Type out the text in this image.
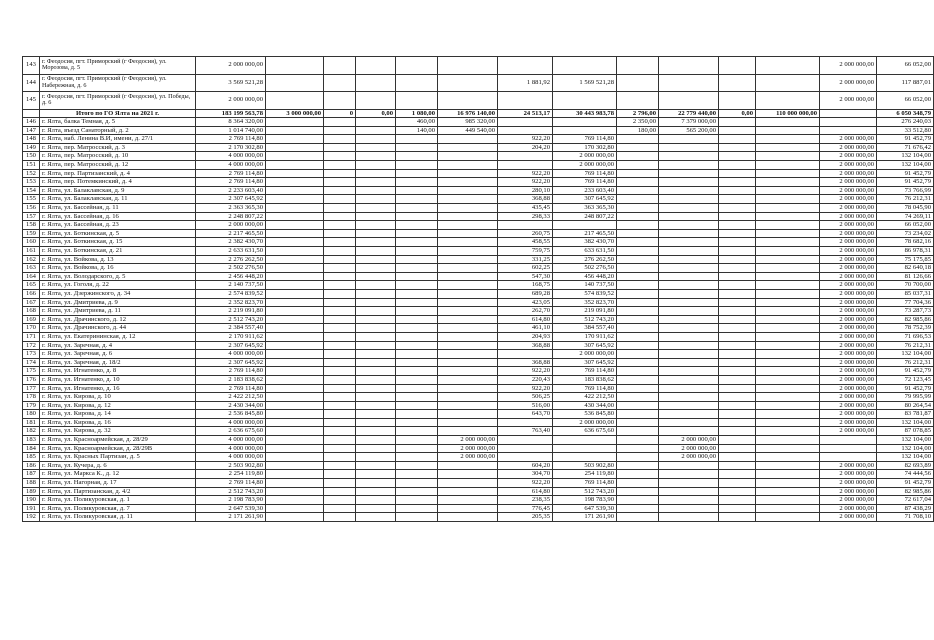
143	г. Феодосия, пгт. Приморский (г Феодосия), ул. Морозова, д. 5	2 000 000,00												2 000 000,00	66 052,00
144	г. Феодосия, пгт. Приморский (г Феодосия), ул. Набережная, д. 6	3 569 521,28						1 881,92	1 569 521,28					2 000 000,00	117 887,01
145	г. Феодосия, пгт. Приморский (г Феодосия), ул. Победы, д. 6	2 000 000,00												2 000 000,00	66 052,00
	Итого по ГО Ялта на 2021 г.	183 199 563,78	3 000 000,00	0	0,00	1 080,00	16 976 140,00	24 513,17	30 443 983,78	2 796,00	22 779 440,00	0,00	110 000 000,00		6 050 348,79
146	г. Ялта, балка Темная, д. 5	8 364 320,00				460,00	985 320,00			2 350,00	7 379 000,00				276 240,03
147	г. Ялта, въезд Санаторный, д. 2	1 014 740,00				140,00	449 540,00			180,00	565 200,00				33 512,80
148	г. Ялта, наб. Ленина В.И, имени, д. 27/1	2 769 114,80						922,20	769 114,80					2 000 000,00	91 452,79
149	г. Ялта, пер. Матросский, д. 3	2 170 302,80						204,20	170 302,80					2 000 000,00	71 676,42
150	г. Ялта, пер. Матросский, д. 10	4 000 000,00							2 000 000,00					2 000 000,00	132 104,00
151	г. Ялта, пер. Матросский, д. 12	4 000 000,00							2 000 000,00					2 000 000,00	132 104,00
152	г. Ялта, пер. Партизанский, д. 4	2 769 114,80						922,20	769 114,80					2 000 000,00	91 452,79
153	г. Ялта, пер. Потемкинский, д. 4	2 769 114,80						922,20	769 114,80					2 000 000,00	91 452,79
154	г. Ялта, ул. Балаклавская, д. 9	2 233 603,40						280,10	233 603,40					2 000 000,00	73 766,99
155	г. Ялта, ул. Балаклавская, д. 11	2 307 645,92						368,88	307 645,92					2 000 000,00	76 212,31
156	г. Ялта, ул. Бассейная, д. 11	2 363 365,30						435,45	363 365,30					2 000 000,00	78 045,90
157	г. Ялта, ул. Бассейная, д. 16	2 248 807,22						298,33	248 807,22					2 000 000,00	74 269,11
158	г. Ялта, ул. Бассейная, д. 23	2 000 000,00												2 000 000,00	66 052,00
159	г. Ялта, ул. Боткинская, д. 5	2 217 465,50						260,75	217 465,50					2 000 000,00	73 234,02
160	г. Ялта, ул. Боткинская, д. 15	2 382 430,70						458,55	382 430,70					2 000 000,00	78 682,16
161	г. Ялта, ул. Боткинская, д. 21	2 633 631,50						759,75	633 631,50					2 000 000,00	86 978,31
162	г. Ялта, ул. Войкова, д. 13	2 276 262,50						331,25	276 262,50					2 000 000,00	75 175,85
163	г. Ялта, ул. Войкова, д. 16	2 502 276,50						602,25	502 276,50					2 000 000,00	82 640,18
164	г. Ялта, ул. Володарского, д. 5	2 456 448,20						547,30	456 448,20					2 000 000,00	81 126,66
165	г. Ялта, ул. Гоголя, д. 22	2 140 737,50						168,75	140 737,50					2 000 000,00	70 700,00
166	г. Ялта, ул. Дзержинского, д. 34	2 574 839,52						689,28	574 839,52					2 000 000,00	85 037,31
167	г. Ялта, ул. Дмитриева, д. 9	2 352 823,70						423,05	352 823,70					2 000 000,00	77 704,36
168	г. Ялта, ул. Дмитриева, д. 11	2 219 091,80						262,70	219 091,80					2 000 000,00	73 287,73
169	г. Ялта, ул. Драчинского, д. 12	2 512 743,20						614,80	512 743,20					2 000 000,00	82 985,86
170	г. Ялта, ул. Драчинского, д. 44	2 384 557,40						461,10	384 557,40					2 000 000,00	78 752,39
171	г. Ялта, ул. Екатерининская, д. 12	2 170 911,62						204,93	170 911,62					2 000 000,00	71 696,53
172	г. Ялта, ул. Заречная, д. 4	2 307 645,92						368,88	307 645,92					2 000 000,00	76 212,31
173	г. Ялта, ул. Заречная, д. 6	4 000 000,00							2 000 000,00					2 000 000,00	132 104,00
174	г. Ялта, ул. Заречная, д. 18/2	2 307 645,92						368,88	307 645,92					2 000 000,00	76 212,31
175	г. Ялта, ул. Игнатенко, д. 8	2 769 114,80						922,20	769 114,80					2 000 000,00	91 452,79
176	г. Ялта, ул. Игнатенко, д. 10	2 183 838,62						220,43	183 838,62					2 000 000,00	72 123,45
177	г. Ялта, ул. Игнатенко, д. 16	2 769 114,80						922,20	769 114,80					2 000 000,00	91 452,79
178	г. Ялта, ул. Кирова, д. 10	2 422 212,50						506,25	422 212,50					2 000 000,00	79 995,99
179	г. Ялта, ул. Кирова, д. 12	2 430 344,00						516,00	430 344,00					2 000 000,00	80 264,54
180	г. Ялта, ул. Кирова, д. 14	2 536 845,80						643,70	536 845,80					2 000 000,00	83 781,87
181	г. Ялта, ул. Кирова, д. 16	4 000 000,00							2 000 000,00					2 000 000,00	132 104,00
182	г. Ялта, ул. Кирова, д. 32	2 636 675,60						763,40	636 675,60					2 000 000,00	87 078,85
183	г. Ялта, ул. Краснoармейская, д. 28/29	4 000 000,00					2 000 000,00				2 000 000,00				132 104,00
184	г. Ялта, ул. Краснoармейская, д. 28/29В	4 000 000,00					2 000 000,00				2 000 000,00				132 104,00
185	г. Ялта, ул. Красных Партизан, д. 5	4 000 000,00					2 000 000,00				2 000 000,00				132 104,00
186	г. Ялта, ул. Кучера, д. 6	2 503 902,80						604,20	503 902,80					2 000 000,00	82 693,89
187	г. Ялта, ул. Маркса К., д. 12	2 254 119,80						304,70	254 119,80					2 000 000,00	74 444,56
188	г. Ялта, ул. Нагорная, д. 17	2 769 114,80						922,20	769 114,80					2 000 000,00	91 452,79
189	г. Ялта, ул. Партизанская, д. 4/2	2 512 743,20						614,80	512 743,20					2 000 000,00	82 985,86
190	г. Ялта, ул. Поликуровская, д. 1	2 198 783,90						238,35	198 783,90					2 000 000,00	72 617,04
191	г. Ялта, ул. Поликуровская, д. 7	2 647 539,30						776,45	647 539,30					2 000 000,00	87 438,29
192	г. Ялта, ул. Поликуровская, д. 11	2 171 261,90						205,35	171 261,90					2 000 000,00	71 708,10
